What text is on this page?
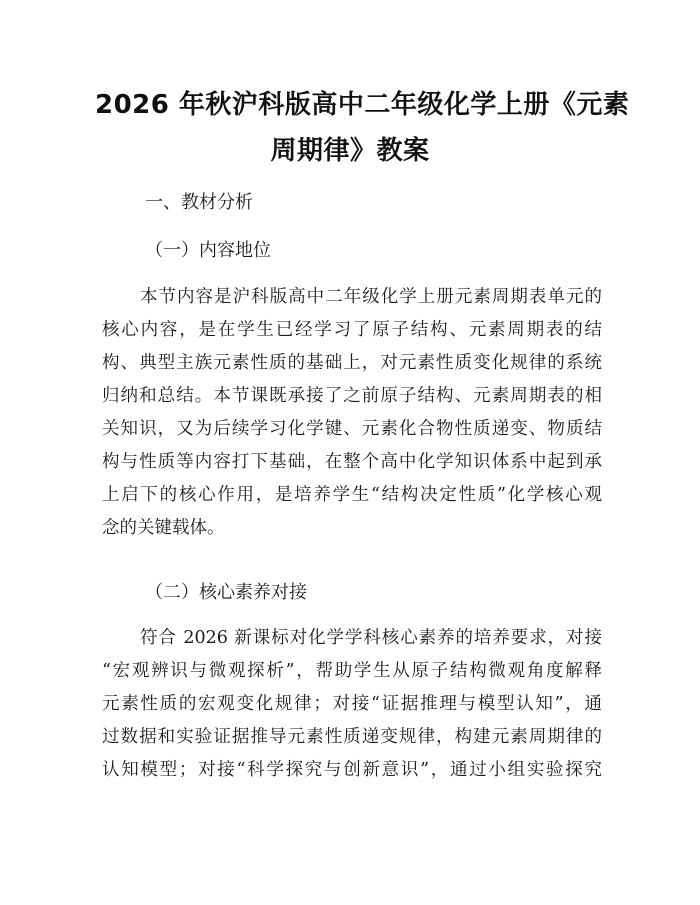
2026 年秋沪科版高中二年级化学上册《元素
周期律》教案
一、教材分析
（一）内容地位
本节内容是沪科版高中二年级化学上册元素周期表单元的
核心内容，是在学生已经学习了原子结构、元素周期表的结
构、典型主族元素性质的基础上，对元素性质变化规律的系统
归纳和总结。本节课既承接了之前原子结构、元素周期表的相
关知识，又为后续学习化学键、元素化合物性质递变、物质结
构与性质等内容打下基础，在整个高中化学知识体系中起到承
上启下的核心作用，是培养学生“结构决定性质”化学核心观
念的关键载体。
（二）核心素养对接
符合 2026 新课标对化学学科核心素养的培养要求，对接
“宏观辨识与微观探析”，帮助学生从原子结构微观角度解释
元素性质的宏观变化规律；对接“证据推理与模型认知”，通
过数据和实验证据推导元素性质递变规律，构建元素周期律的
认知模型；对接“科学探究与创新意识”，通过小组实验探究
